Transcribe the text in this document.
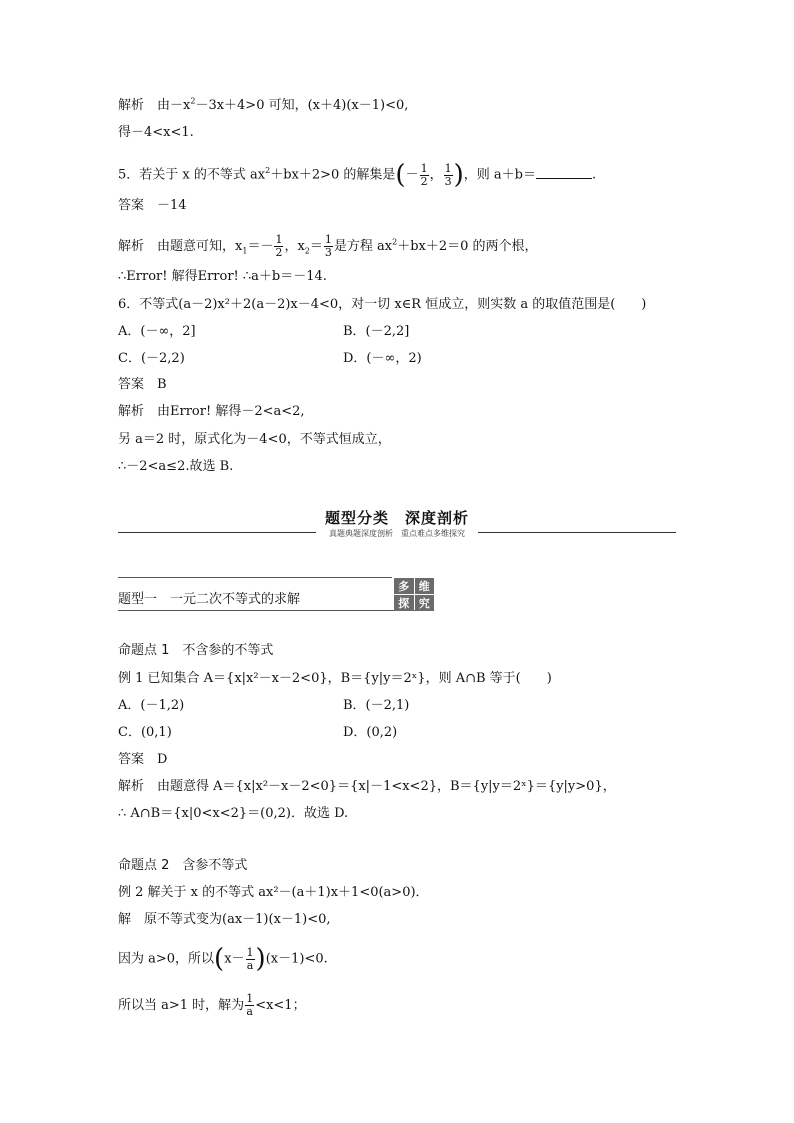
解析　由$-x^2-3x+4>0$ 可知，(x＋4)(x－1)<0,
得－4<x<1.
5．若关于 x 的不等式 $ax^2+bx+2>0$ 的解集是(－ $\frac{1}{2}$ ， $\frac{1}{3}$ )，则 a＋b＝	.
答案　－14
解析　由题意可知，$x_1=- \frac{1}{2}$ ，$x_2= \frac{1}{3}$ 是方程 $ax^2+bx+2=0$ 的两个根，
∴Error! 解得Error! ∴a＋b＝－14.
6．不等式(a－2)x²＋2(a－2)x－4<0，对一切 x∈R 恒成立，则实数 a 的取值范围是(　　)
A．(－∞，2]	B．(－2,2]
C．(－2,2)	D．(－∞，2)
答案　B
解析　由Error! 解得－2<a<2,
另 a＝2 时，原式化为－4<0，不等式恒成立，
∴－2<a≤2.故选 B.
题型分类　深度剖析
真题典题深度剖析　重点难点多维探究
题型一　一元二次不等式的求解
多 维
探 究
命题点 1　不含参的不等式
例 1 已知集合 A＝{x|x²－x－2<0}，B＝{y|y＝2ˣ}，则 A∩B 等于(　　)
A．(－1,2)	B．(－2,1)
C．(0,1)	D．(0,2)
答案　D
解析　由题意得 A＝{x|x²－x－2<0}＝{x|－1<x<2}，B＝{y|y＝2ˣ}＝{y|y>0}，
∴ A∩B＝{x|0<x<2}＝(0,2)．故选 D.
命题点 2　含参不等式
例 2 解关于 x 的不等式 ax²－(a＋1)x＋1<0(a>0)．
解　原不等式变为(ax－1)(x－1)<0,
因为 a>0，所以$(x- \frac{1}{a} )(x-1)<0$.
所以当 a>1 时，解为 $\frac{1}{a} <x<1$；
